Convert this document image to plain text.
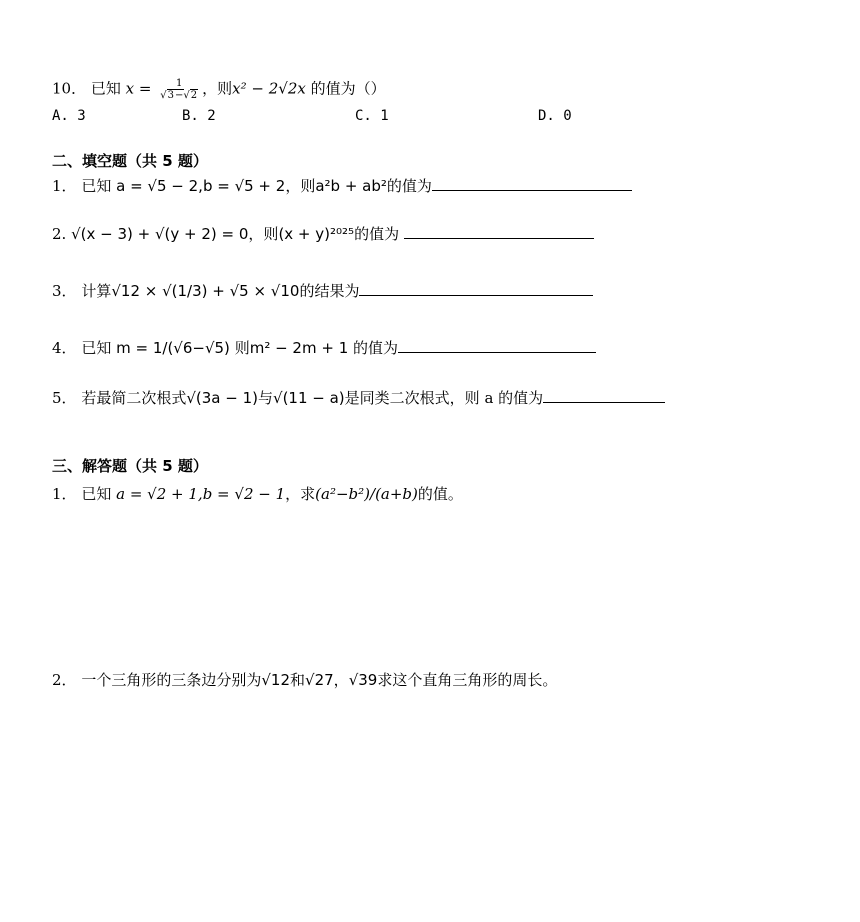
10． 已知 $x = \frac{1}{√3-√2}$ ，则x² − 2√2x 的值为（）
A. 3	B. 2	C. 1	D. 0
二、填空题（共 5 题）
1． 已知 a = √5 − 2,b = √5 + 2，则a²b + ab²的值为
2. √(x − 3) + √(y + 2) = 0，则(x + y)²⁰²⁵的值为
3． 计算√12 × √(1/3) + √5 × √10的结果为
4． 已知 m = 1/(√6−√5) 则m² − 2m + 1 的值为
5． 若最简二次根式√(3a − 1)与√(11 − a)是同类二次根式，则 a 的值为
三、解答题（共 5 题）
1． 已知 a = √2 + 1,b = √2 − 1，求(a²−b²)/(a+b)的值。
2． 一个三角形的三条边分别为√12和√27，√39求这个直角三角形的周长。
